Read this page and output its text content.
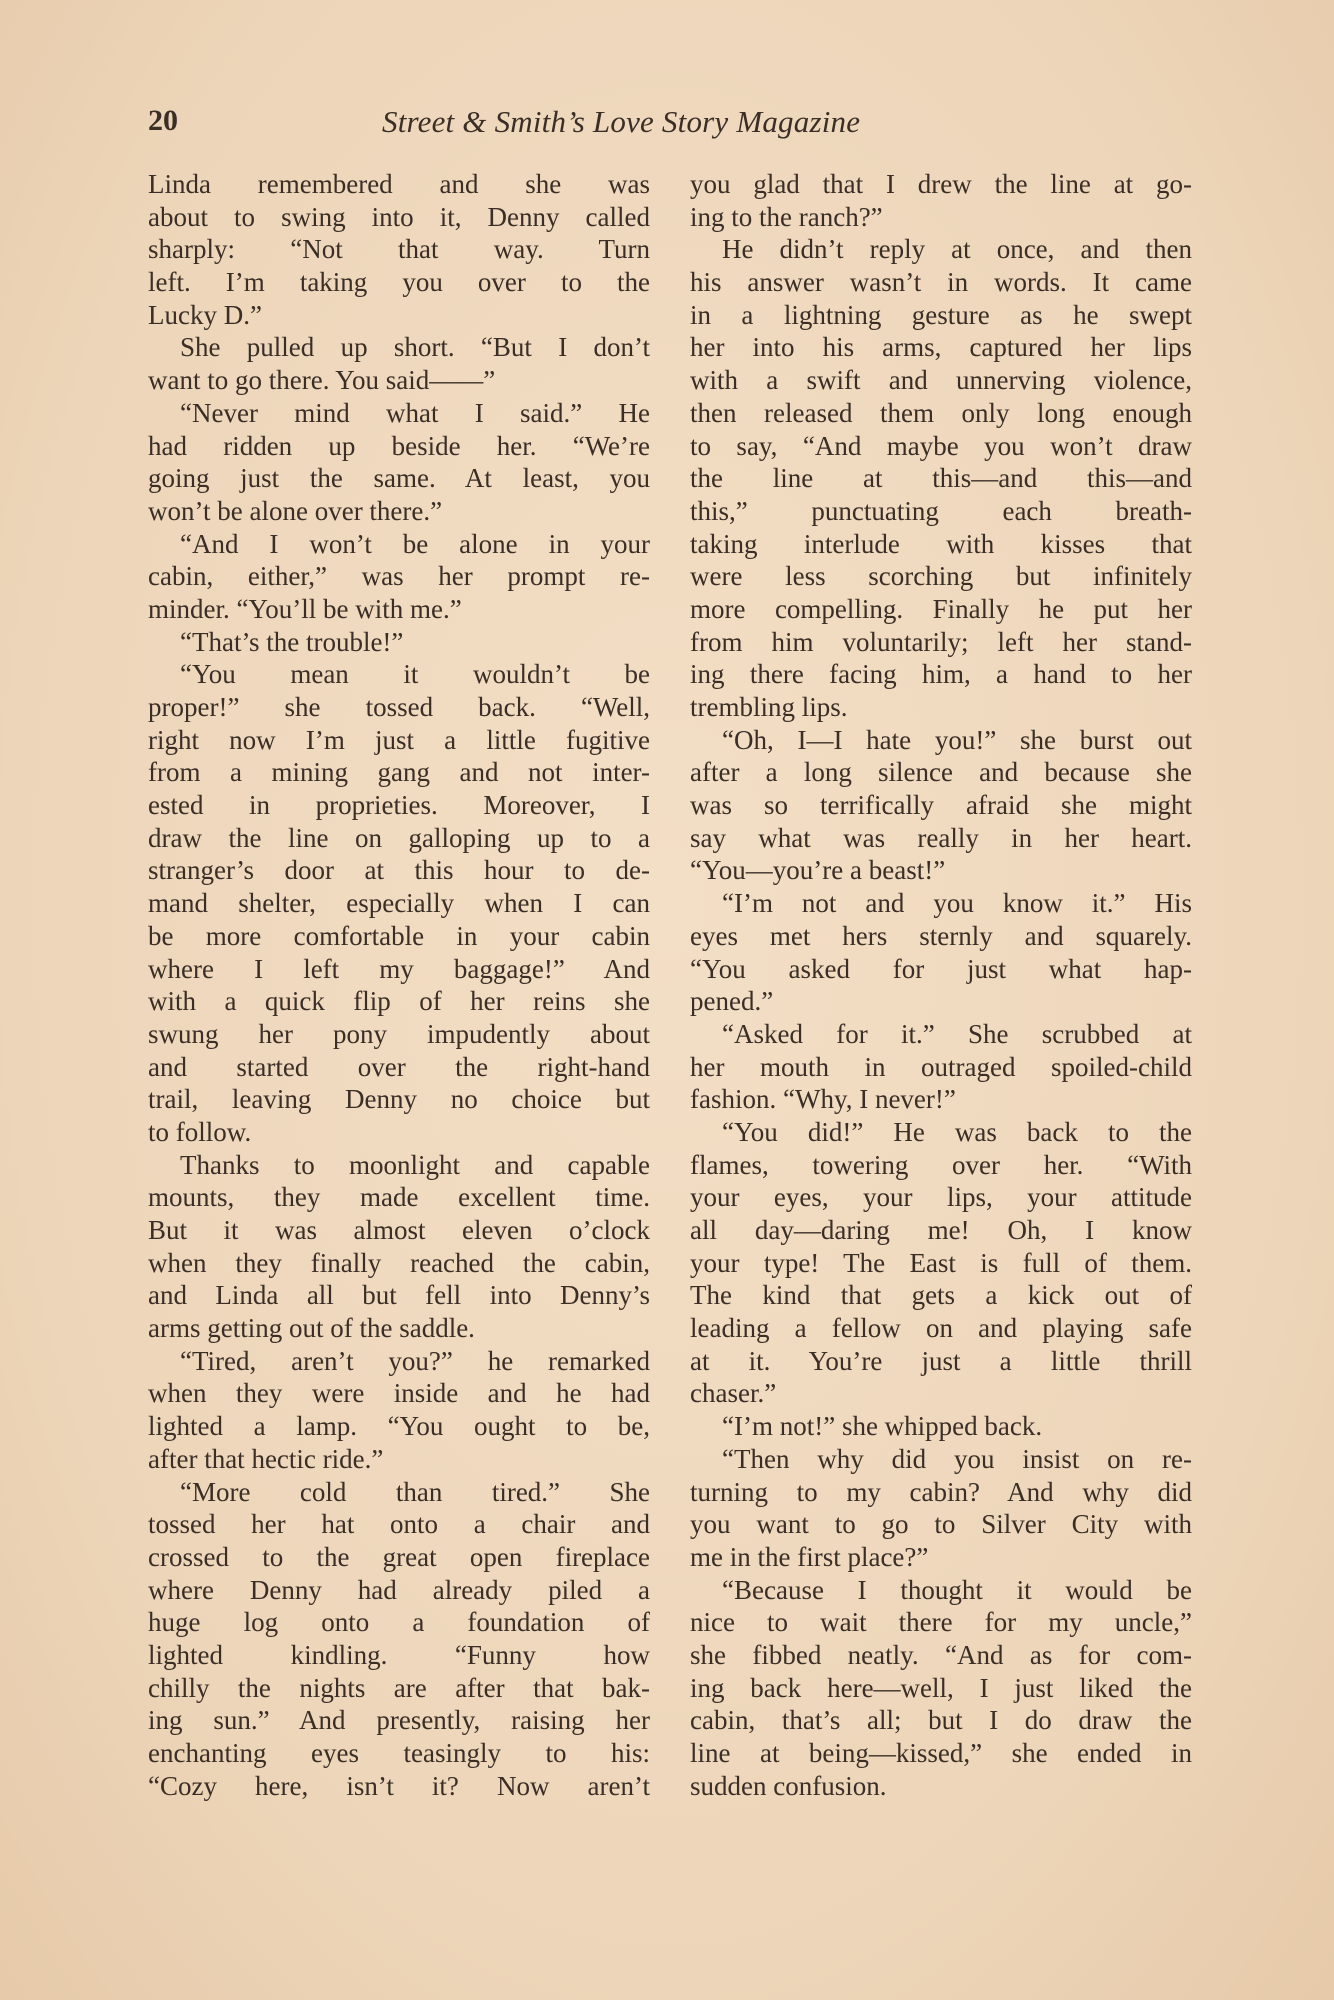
20	Street & Smith’s Love Story Magazine
Linda remembered and she was
about to swing into it, Denny called
sharply: “Not that way. Turn
left. I’m taking you over to the
Lucky D.”
She pulled up short. “But I don’t
want to go there. You said——”
“Never mind what I said.” He
had ridden up beside her. “We’re
going just the same. At least, you
won’t be alone over there.”
“And I won’t be alone in your
cabin, either,” was her prompt re-
minder. “You’ll be with me.”
“That’s the trouble!”
“You mean it wouldn’t be
proper!” she tossed back. “Well,
right now I’m just a little fugitive
from a mining gang and not inter-
ested in proprieties. Moreover, I
draw the line on galloping up to a
stranger’s door at this hour to de-
mand shelter, especially when I can
be more comfortable in your cabin
where I left my baggage!” And
with a quick flip of her reins she
swung her pony impudently about
and started over the right-hand
trail, leaving Denny no choice but
to follow.
Thanks to moonlight and capable
mounts, they made excellent time.
But it was almost eleven o’clock
when they finally reached the cabin,
and Linda all but fell into Denny’s
arms getting out of the saddle.
“Tired, aren’t you?” he remarked
when they were inside and he had
lighted a lamp. “You ought to be,
after that hectic ride.”
“More cold than tired.” She
tossed her hat onto a chair and
crossed to the great open fireplace
where Denny had already piled a
huge log onto a foundation of
lighted kindling. “Funny how
chilly the nights are after that bak-
ing sun.” And presently, raising her
enchanting eyes teasingly to his:
“Cozy here, isn’t it? Now aren’t
you glad that I drew the line at go-
ing to the ranch?”
He didn’t reply at once, and then
his answer wasn’t in words. It came
in a lightning gesture as he swept
her into his arms, captured her lips
with a swift and unnerving violence,
then released them only long enough
to say, “And maybe you won’t draw
the line at this—and this—and
this,” punctuating each breath-
taking interlude with kisses that
were less scorching but infinitely
more compelling. Finally he put her
from him voluntarily; left her stand-
ing there facing him, a hand to her
trembling lips.
“Oh, I—I hate you!” she burst out
after a long silence and because she
was so terrifically afraid she might
say what was really in her heart.
“You—you’re a beast!”
“I’m not and you know it.” His
eyes met hers sternly and squarely.
“You asked for just what hap-
pened.”
“Asked for it.” She scrubbed at
her mouth in outraged spoiled-child
fashion. “Why, I never!”
“You did!” He was back to the
flames, towering over her. “With
your eyes, your lips, your attitude
all day—daring me! Oh, I know
your type! The East is full of them.
The kind that gets a kick out of
leading a fellow on and playing safe
at it. You’re just a little thrill
chaser.”
“I’m not!” she whipped back.
“Then why did you insist on re-
turning to my cabin? And why did
you want to go to Silver City with
me in the first place?”
“Because I thought it would be
nice to wait there for my uncle,”
she fibbed neatly. “And as for com-
ing back here—well, I just liked the
cabin, that’s all; but I do draw the
line at being—kissed,” she ended in
sudden confusion.
